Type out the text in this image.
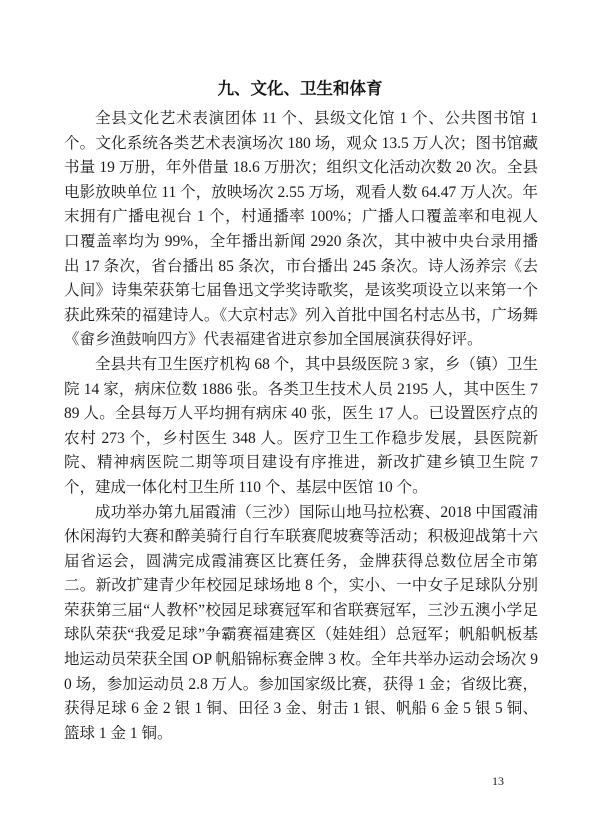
九、文化、卫生和体育

全县文化艺术表演团体 11 个、县级文化馆 1 个、公共图书馆 1 个。文化系统各类艺术表演场次 180 场，观众 13.5 万人次；图书馆藏书量 19 万册，年外借量 18.6 万册次；组织文化活动次数 20 次。全县电影放映单位 11 个，放映场次 2.55 万场，观看人数 64.47 万人次。年末拥有广播电视台 1 个，村通播率 100%；广播人口覆盖率和电视人口覆盖率均为 99%，全年播出新闻 2920 条次，其中被中央台录用播出 17 条次，省台播出 85 条次，市台播出 245 条次。诗人汤养宗《去人间》诗集荣获第七届鲁迅文学奖诗歌奖，是该奖项设立以来第一个获此殊荣的福建诗人。《大京村志》列入首批中国名村志丛书，广场舞《畲乡渔鼓响四方》代表福建省进京参加全国展演获得好评。

全县共有卫生医疗机构 68 个，其中县级医院 3 家，乡（镇）卫生院 14 家，病床位数 1886 张。各类卫生技术人员 2195 人，其中医生 789 人。全县每万人平均拥有病床 40 张，医生 17 人。已设置医疗点的农村 273 个，乡村医生 348 人。医疗卫生工作稳步发展，县医院新院、精神病医院二期等项目建设有序推进，新改扩建乡镇卫生院 7 个，建成一体化村卫生所 110 个、基层中医馆 10 个。

成功举办第九届霞浦（三沙）国际山地马拉松赛、2018 中国霞浦休闲海钓大赛和醉美骑行自行车联赛爬坡赛等活动；积极迎战第十六届省运会，圆满完成霞浦赛区比赛任务，金牌获得总数位居全市第二。新改扩建青少年校园足球场地 8 个，实小、一中女子足球队分别荣获第三届“人教杯”校园足球赛冠军和省联赛冠军，三沙五澳小学足球队荣获“我爱足球”争霸赛福建赛区（娃娃组）总冠军；帆船帆板基地运动员荣获全国 OP 帆船锦标赛金牌 3 枚。全年共举办运动会场次 90 场，参加运动员 2.8 万人。参加国家级比赛，获得 1 金；省级比赛，获得足球 6 金 2 银 1 铜、田径 3 金、射击 1 银、帆船 6 金 5 银 5 铜、篮球 1 金 1 铜。

13
